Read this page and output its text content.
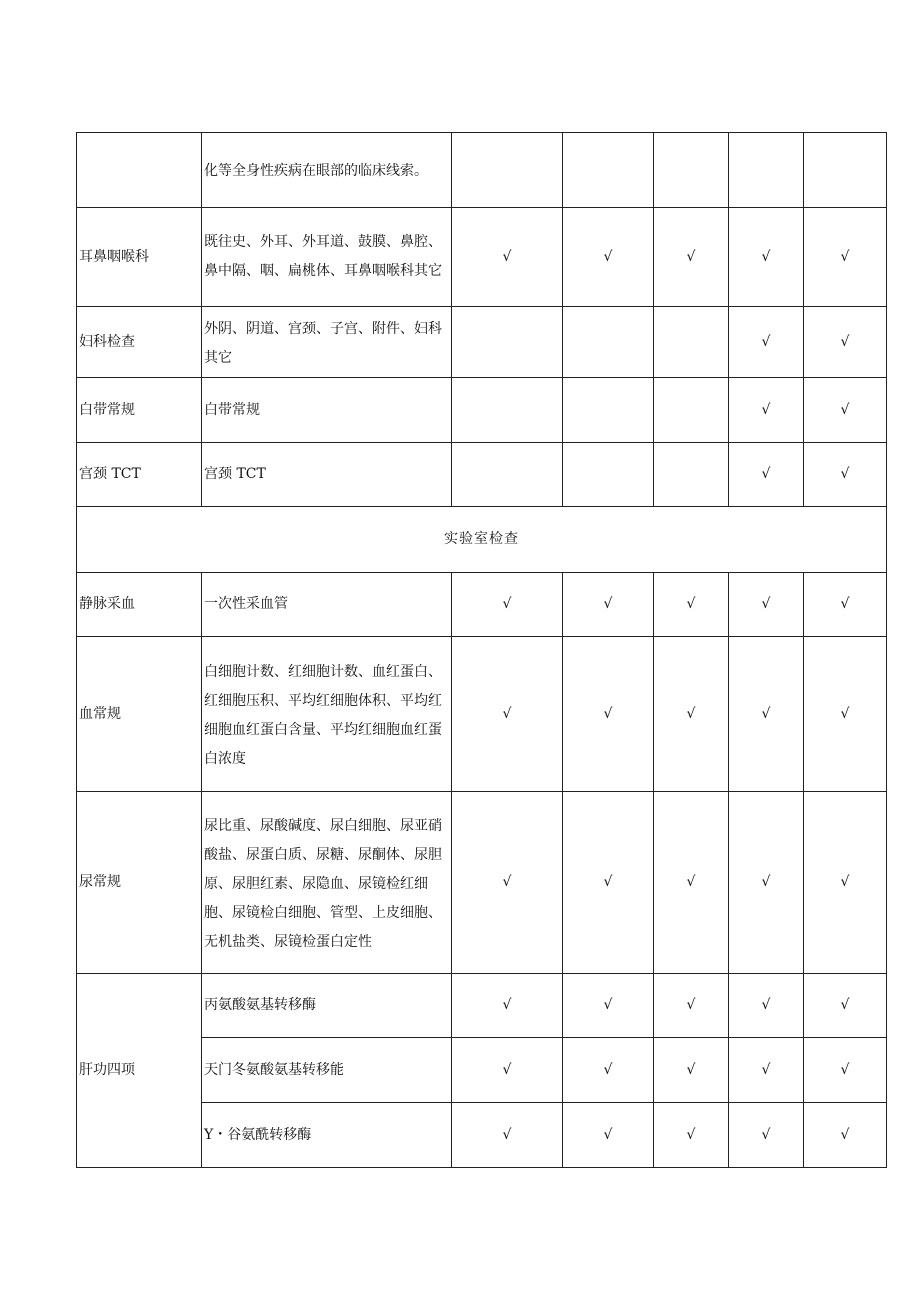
	化等全身性疾病在眼部的临床线索。					

耳鼻咽喉科	既往史、外耳、外耳道、鼓膜、鼻腔、鼻中隔、咽、扁桃体、耳鼻咽喉科其它	√	√	√	√	√
妇科检查	外阴、阴道、宫颈、子宫、附件、妇科其它				√	√
白带常规	白带常规				√	√
宫颈 TCT	宫颈 TCT				√	√
实验室检查						
静脉采血	一次性采血管	√	√	√	√	√
血常规	白细胞计数、红细胞计数、血红蛋白、红细胞压积、平均红细胞体积、平均红细胞血红蛋白含量、平均红细胞血红蛋白浓度	√	√	√	√	√
尿常规	尿比重、尿酸碱度、尿白细胞、尿亚硝酸盐、尿蛋白质、尿糖、尿酮体、尿胆原、尿胆红素、尿隐血、尿镜检红细胞、尿镜检白细胞、管型、上皮细胞、无机盐类、尿镜检蛋白定性	√	√	√	√	√
肝功四项	丙氨酸氨基转移酶	√	√	√	√	√

	天门冬氨酸氨基转移能	√	√	√	√	√

	Y・谷氨酰转移酶	√	√	√	√	√
